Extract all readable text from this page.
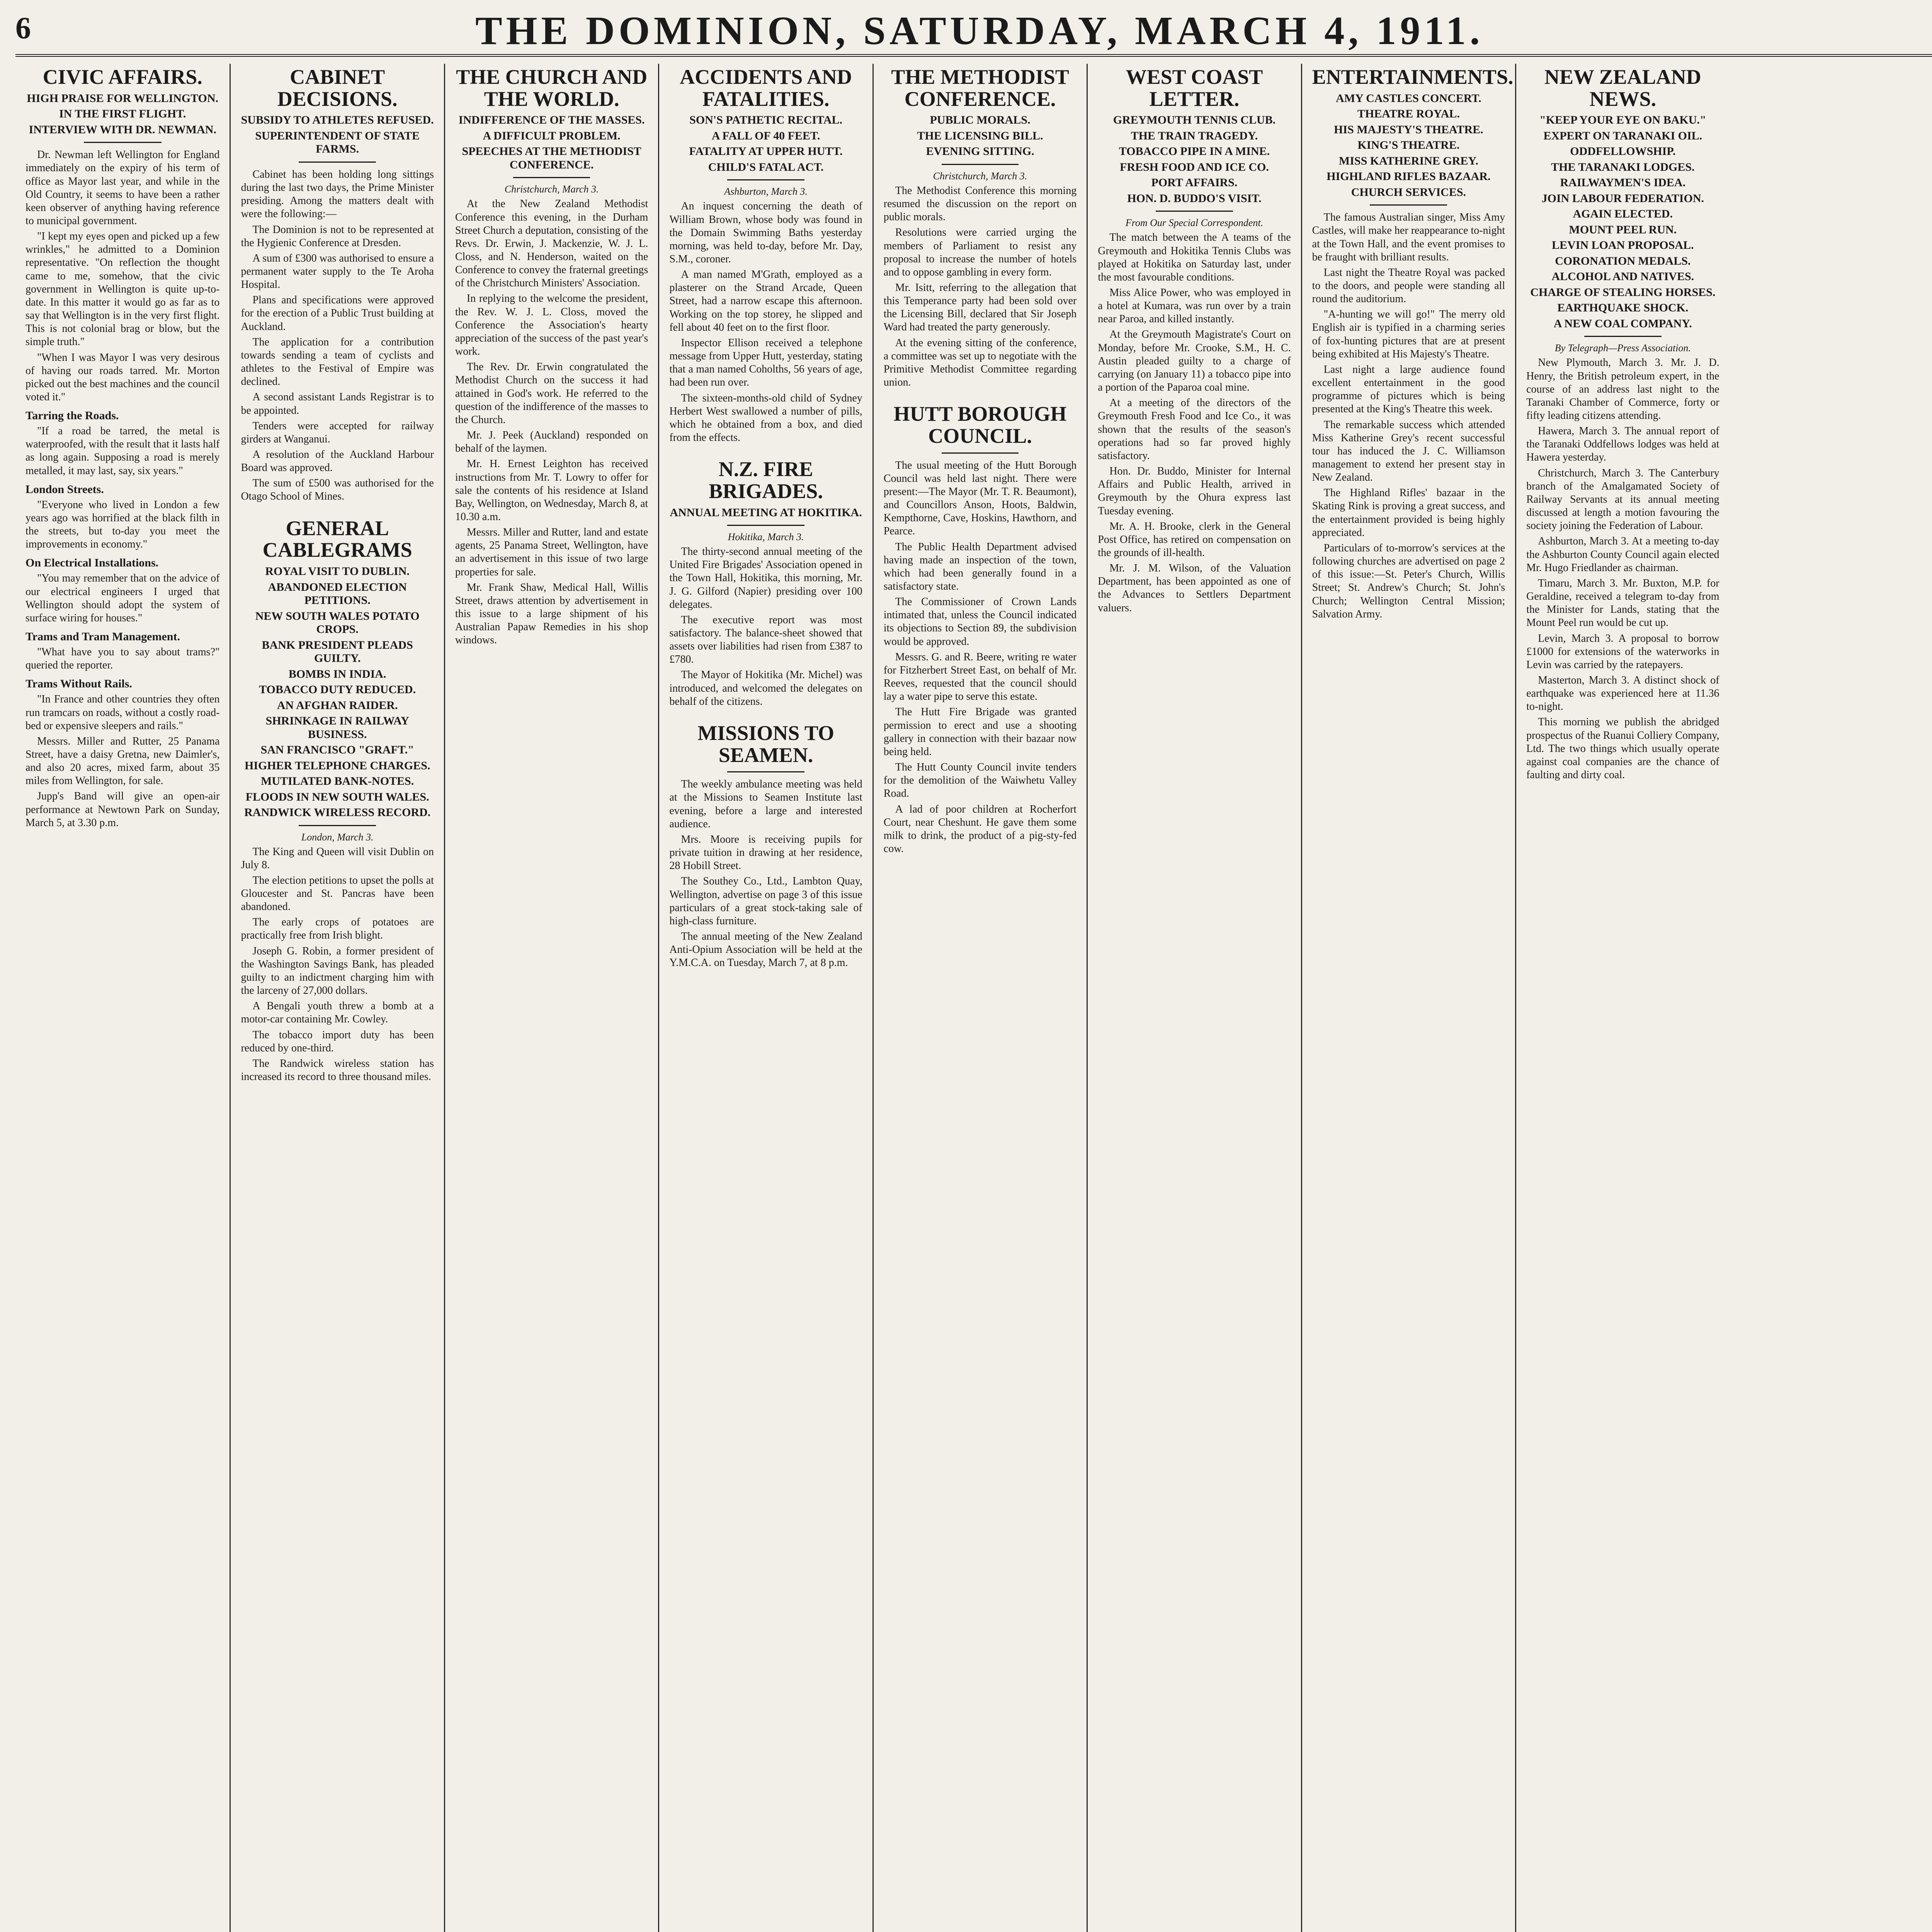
6	THE DOMINION, SATURDAY, MARCH 4, 1911.
CIVIC AFFAIRS.
HIGH PRAISE FOR WELLINGTON.
IN THE FIRST FLIGHT.
INTERVIEW WITH DR. NEWMAN.

Dr. Newman left Wellington for England immediately on the expiry of his term of office as Mayor last year, and while in the Old Country, it seems to have been a rather keen observer of anything having reference to municipal government.

"I kept my eyes open and picked up a few wrinkles," he admitted to a Dominion representative. "On reflection the thought came to me, somehow, that the civic government in Wellington is quite up-to-date. In this matter it would go as far as to say that Wellington is in the very first flight. This is not colonial brag or blow, but the simple truth."

"When I was Mayor I was very desirous of having our roads tarred. Mr. Morton picked out the best machines and the council voted it."

Tarring the Roads.

"If a road be tarred, the metal is waterproofed, with the result that it lasts half as long again. Supposing a road is merely metalled, it may last, say, six years."

London Streets.

"Everyone who lived in London a few years ago was horrified at the black filth in the streets, but to-day you meet the improvements in economy."

On Electrical Installations.

"You may remember that on the advice of our electrical engineers I urged that Wellington should adopt the system of surface wiring for houses."

Trams and Tram Management.

"What have you to say about trams?" queried the reporter.

Trams Without Rails.

"In France and other countries they often run tramcars on roads, without a costly road-bed or expensive sleepers and rails."

Messrs. Miller and Rutter, 25 Panama Street, have a daisy Gretna, new Daimler's, and also 20 acres, mixed farm, about 35 miles from Wellington, for sale.

Jupp's Band will give an open-air performance at Newtown Park on Sunday, March 5, at 3.30 p.m.

CABINET DECISIONS.
SUBSIDY TO ATHLETES REFUSED.
SUPERINTENDENT OF STATE FARMS.

Cabinet has been holding long sittings during the last two days, the Prime Minister presiding. Among the matters dealt with were the following:—

The Dominion is not to be represented at the Hygienic Conference at Dresden.

A sum of £300 was authorised to ensure a permanent water supply to the Te Aroha Hospital.

Plans and specifications were approved for the erection of a Public Trust building at Auckland.

The application for a contribution towards sending a team of cyclists and athletes to the Festival of Empire was declined.

A second assistant Lands Registrar is to be appointed.

Tenders were accepted for railway girders at Wanganui.

A resolution of the Auckland Harbour Board was approved.

The sum of £500 was authorised for the Otago School of Mines.

GENERAL CABLEGRAMS
ROYAL VISIT TO DUBLIN.
ABANDONED ELECTION PETITIONS.
NEW SOUTH WALES POTATO CROPS.
BANK PRESIDENT PLEADS GUILTY.
BOMBS IN INDIA.
TOBACCO DUTY REDUCED.
AN AFGHAN RAIDER.
SHRINKAGE IN RAILWAY BUSINESS.
SAN FRANCISCO "GRAFT."
HIGHER TELEPHONE CHARGES.
MUTILATED BANK-NOTES.
FLOODS IN NEW SOUTH WALES.
RANDWICK WIRELESS RECORD.
London, March 3.

The King and Queen will visit Dublin on July 8.

The election petitions to upset the polls at Gloucester and St. Pancras have been abandoned.

The early crops of potatoes are practically free from Irish blight.

Joseph G. Robin, a former president of the Washington Savings Bank, has pleaded guilty to an indictment charging him with the larceny of 27,000 dollars.

A Bengali youth threw a bomb at a motor-car containing Mr. Cowley.

The tobacco import duty has been reduced by one-third.

The Randwick wireless station has increased its record to three thousand miles.

THE CHURCH AND THE WORLD.
INDIFFERENCE OF THE MASSES.
A DIFFICULT PROBLEM.
SPEECHES AT THE METHODIST CONFERENCE.
Christchurch, March 3.

At the New Zealand Methodist Conference this evening, in the Durham Street Church a deputation, consisting of the Revs. Dr. Erwin, J. Mackenzie, W. J. L. Closs, and N. Henderson, waited on the Conference to convey the fraternal greetings of the Christchurch Ministers' Association.

In replying to the welcome the president, the Rev. W. J. L. Closs, moved the Conference the Association's hearty appreciation of the success of the past year's work.

The Rev. Dr. Erwin congratulated the Methodist Church on the success it had attained in God's work. He referred to the question of the indifference of the masses to the Church.

Mr. J. Peek (Auckland) responded on behalf of the laymen.

Mr. H. Ernest Leighton has received instructions from Mr. T. Lowry to offer for sale the contents of his residence at Island Bay, Wellington, on Wednesday, March 8, at 10.30 a.m.

Messrs. Miller and Rutter, land and estate agents, 25 Panama Street, Wellington, have an advertisement in this issue of two large properties for sale.

Mr. Frank Shaw, Medical Hall, Willis Street, draws attention by advertisement in this issue to a large shipment of his Australian Papaw Remedies in his shop windows.

ACCIDENTS AND FATALITIES.
SON'S PATHETIC RECITAL.
A FALL OF 40 FEET.
FATALITY AT UPPER HUTT.
CHILD'S FATAL ACT.
Ashburton, March 3.

An inquest concerning the death of William Brown, whose body was found in the Domain Swimming Baths yesterday morning, was held to-day, before Mr. Day, S.M., coroner.

A man named M'Grath, employed as a plasterer on the Strand Arcade, Queen Street, had a narrow escape this afternoon. Working on the top storey, he slipped and fell about 40 feet on to the first floor.

Inspector Ellison received a telephone message from Upper Hutt, yesterday, stating that a man named Coholths, 56 years of age, had been run over.

The sixteen-months-old child of Sydney Herbert West swallowed a number of pills, which he obtained from a box, and died from the effects.

N.Z. FIRE BRIGADES.
ANNUAL MEETING AT HOKITIKA.
Hokitika, March 3.

The thirty-second annual meeting of the United Fire Brigades' Association opened in the Town Hall, Hokitika, this morning, Mr. J. G. Gilford (Napier) presiding over 100 delegates.

The executive report was most satisfactory. The balance-sheet showed that assets over liabilities had risen from £387 to £780.

The Mayor of Hokitika (Mr. Michel) was introduced, and welcomed the delegates on behalf of the citizens.

MISSIONS TO SEAMEN.

The weekly ambulance meeting was held at the Missions to Seamen Institute last evening, before a large and interested audience.

Mrs. Moore is receiving pupils for private tuition in drawing at her residence, 28 Hobill Street.

The Southey Co., Ltd., Lambton Quay, Wellington, advertise on page 3 of this issue particulars of a great stock-taking sale of high-class furniture.

The annual meeting of the New Zealand Anti-Opium Association will be held at the Y.M.C.A. on Tuesday, March 7, at 8 p.m.

THE METHODIST CONFERENCE.
PUBLIC MORALS.
THE LICENSING BILL.
EVENING SITTING.
Christchurch, March 3.

The Methodist Conference this morning resumed the discussion on the report on public morals.

Resolutions were carried urging the members of Parliament to resist any proposal to increase the number of hotels and to oppose gambling in every form.

Mr. Isitt, referring to the allegation that this Temperance party had been sold over the Licensing Bill, declared that Sir Joseph Ward had treated the party generously.

At the evening sitting of the conference, a committee was set up to negotiate with the Primitive Methodist Committee regarding union.

HUTT BOROUGH COUNCIL.

The usual meeting of the Hutt Borough Council was held last night. There were present:—The Mayor (Mr. T. R. Beaumont), and Councillors Anson, Hoots, Baldwin, Kempthorne, Cave, Hoskins, Hawthorn, and Pearce.

The Public Health Department advised having made an inspection of the town, which had been generally found in a satisfactory state.

The Commissioner of Crown Lands intimated that, unless the Council indicated its objections to Section 89, the subdivision would be approved.

Messrs. G. and R. Beere, writing re water for Fitzherbert Street East, on behalf of Mr. Reeves, requested that the council should lay a water pipe to serve this estate.

The Hutt Fire Brigade was granted permission to erect and use a shooting gallery in connection with their bazaar now being held.

The Hutt County Council invite tenders for the demolition of the Waiwhetu Valley Road.

A lad of poor children at Rocherfort Court, near Cheshunt. He gave them some milk to drink, the product of a pig-sty-fed cow.

WEST COAST LETTER.
GREYMOUTH TENNIS CLUB.
THE TRAIN TRAGEDY.
TOBACCO PIPE IN A MINE.
FRESH FOOD AND ICE CO.
PORT AFFAIRS.
HON. D. BUDDO'S VISIT.
From Our Special Correspondent.

The match between the A teams of the Greymouth and Hokitika Tennis Clubs was played at Hokitika on Saturday last, under the most favourable conditions.

Miss Alice Power, who was employed in a hotel at Kumara, was run over by a train near Paroa, and killed instantly.

At the Greymouth Magistrate's Court on Monday, before Mr. Crooke, S.M., H. C. Austin pleaded guilty to a charge of carrying (on January 11) a tobacco pipe into a portion of the Paparoa coal mine.

At a meeting of the directors of the Greymouth Fresh Food and Ice Co., it was shown that the results of the season's operations had so far proved highly satisfactory.

Hon. Dr. Buddo, Minister for Internal Affairs and Public Health, arrived in Greymouth by the Ohura express last Tuesday evening.

Mr. A. H. Brooke, clerk in the General Post Office, has retired on compensation on the grounds of ill-health.

Mr. J. M. Wilson, of the Valuation Department, has been appointed as one of the Advances to Settlers Department valuers.

ENTERTAINMENTS.
AMY CASTLES CONCERT.
THEATRE ROYAL.
HIS MAJESTY'S THEATRE.
KING'S THEATRE.
MISS KATHERINE GREY.
HIGHLAND RIFLES BAZAAR.
CHURCH SERVICES.

The famous Australian singer, Miss Amy Castles, will make her reappearance to-night at the Town Hall, and the event promises to be fraught with brilliant results.

Last night the Theatre Royal was packed to the doors, and people were standing all round the auditorium.

"A-hunting we will go!" The merry old English air is typified in a charming series of fox-hunting pictures that are at present being exhibited at His Majesty's Theatre.

Last night a large audience found excellent entertainment in the good programme of pictures which is being presented at the King's Theatre this week.

The remarkable success which attended Miss Katherine Grey's recent successful tour has induced the J. C. Williamson management to extend her present stay in New Zealand.

The Highland Rifles' bazaar in the Skating Rink is proving a great success, and the entertainment provided is being highly appreciated.

Particulars of to-morrow's services at the following churches are advertised on page 2 of this issue:—St. Peter's Church, Willis Street; St. Andrew's Church; St. John's Church; Wellington Central Mission; Salvation Army.

NEW ZEALAND NEWS.
"KEEP YOUR EYE ON BAKU."
EXPERT ON TARANAKI OIL.
ODDFELLOWSHIP.
THE TARANAKI LODGES.
RAILWAYMEN'S IDEA.
JOIN LABOUR FEDERATION.
AGAIN ELECTED.
MOUNT PEEL RUN.
LEVIN LOAN PROPOSAL.
CORONATION MEDALS.
ALCOHOL AND NATIVES.
CHARGE OF STEALING HORSES.
EARTHQUAKE SHOCK.
A NEW COAL COMPANY.
By Telegraph—Press Association.

New Plymouth, March 3. Mr. J. D. Henry, the British petroleum expert, in the course of an address last night to the Taranaki Chamber of Commerce, forty or fifty leading citizens attending.

Hawera, March 3. The annual report of the Taranaki Oddfellows lodges was held at Hawera yesterday.

Christchurch, March 3. The Canterbury branch of the Amalgamated Society of Railway Servants at its annual meeting discussed at length a motion favouring the society joining the Federation of Labour.

Ashburton, March 3. At a meeting to-day the Ashburton County Council again elected Mr. Hugo Friedlander as chairman.

Timaru, March 3. Mr. Buxton, M.P. for Geraldine, received a telegram to-day from the Minister for Lands, stating that the Mount Peel run would be cut up.

Levin, March 3. A proposal to borrow £1000 for extensions of the waterworks in Levin was carried by the ratepayers.

Masterton, March 3. A distinct shock of earthquake was experienced here at 11.36 to-night.

This morning we publish the abridged prospectus of the Ruanui Colliery Company, Ltd. The two things which usually operate against coal companies are the chance of faulting and dirty coal.
